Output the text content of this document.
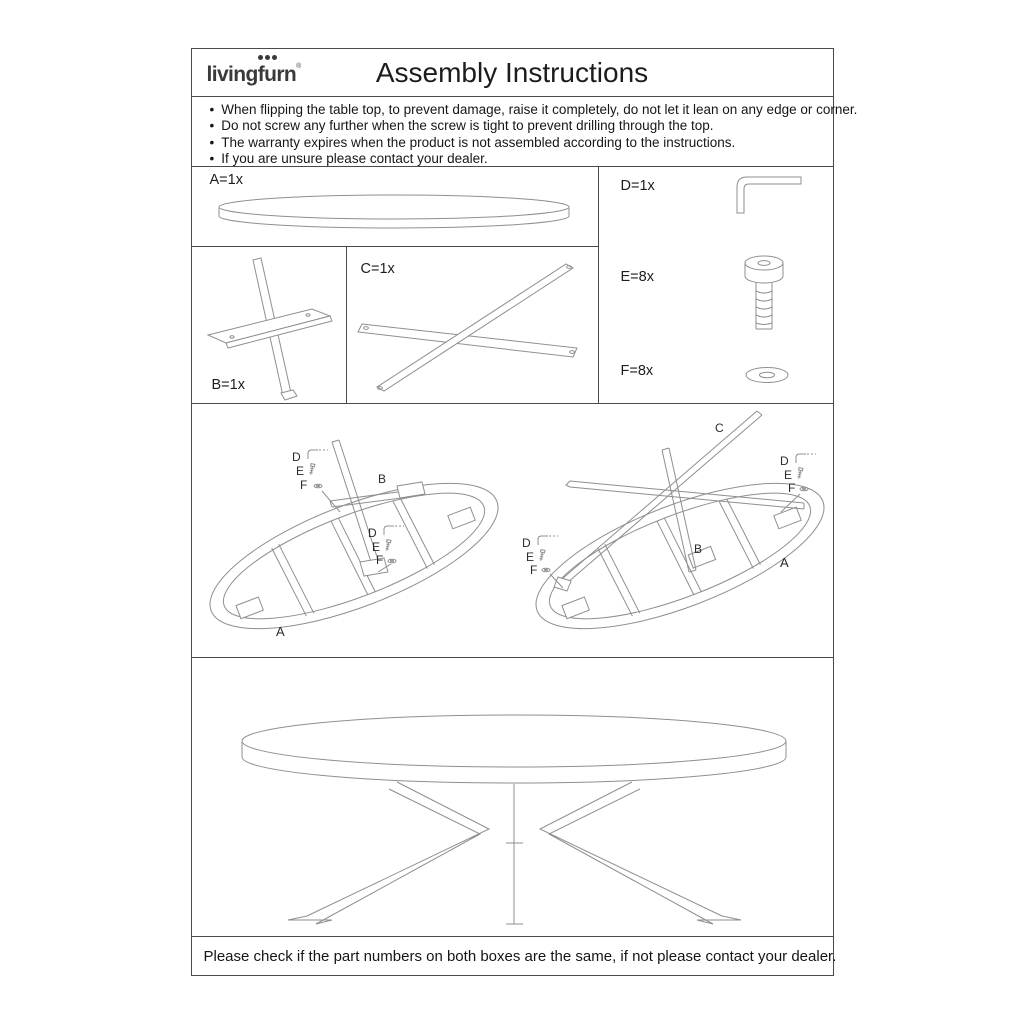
livingfurn®	Assembly Instructions
• When flipping the table top, to prevent damage, raise it completely, do not let it lean on any edge or corner.
• Do not screw any further when the screw is tight to prevent drilling through the top.
• The warranty expires when the product is not assembled according to the instructions.
• If you are unsure please contact your dealer.
A=1x
B=1x
C=1x
D=1x
E=8x
F=8x
D
E
F
D
E
F
B
A
D
E
F
D
E
F
C
B
A
Please check if the part numbers on both boxes are the same, if not please contact your dealer.
